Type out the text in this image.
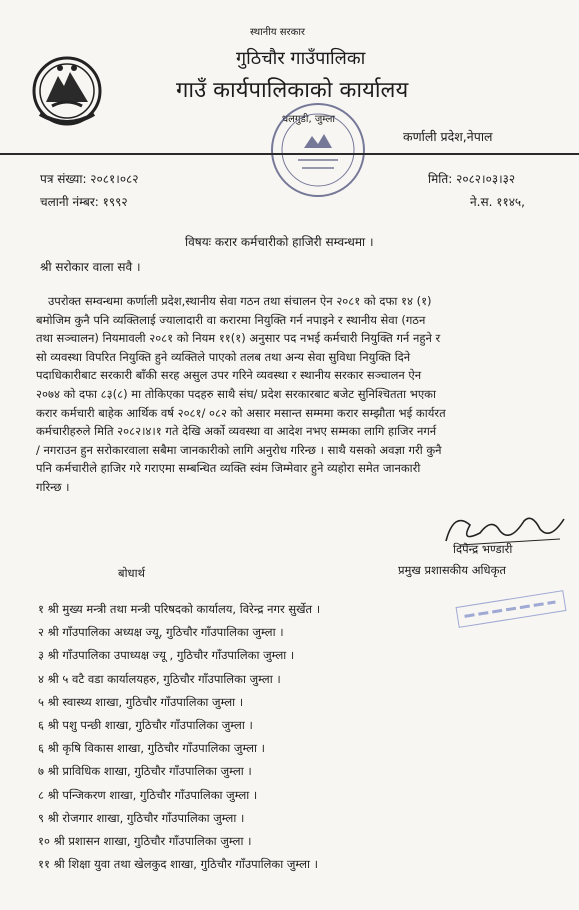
स्थानीय सरकार
गुठिचौर गाउँपालिका
गाउँ कार्यपालिकाको कार्यालय
धलगुडी, जुम्ला
कर्णाली प्रदेश,नेपाल
पत्र संख्या: २०८१।०८२
चलानी नंम्बर: १९९२
मिति: २०८२।०३।३२
ने.स. ११४५,
विषयः करार कर्मचारीको हाजिरी सम्वन्धमा ।
श्री सरोकार वाला सवै ।
उपरोक्त सम्वन्धमा कर्णाली प्रदेश,स्थानीय सेवा गठन तथा संचालन ऐन २०८१ को दफा १४ (१)
बमोजिम कुनै पनि व्यक्तिलाई ज्यालादारी वा करारमा नियुक्ति गर्न नपाइने र स्थानीय सेवा (गठन
तथा सञ्चालन) नियमावली २०८१ को नियम ११(१) अनुसार पद नभई कर्मचारी नियुक्ति गर्न नहुने र
सो व्यवस्था विपरित नियुक्ति हुने व्यक्तिले पाएको तलब तथा अन्य सेवा सुविधा नियुक्ति दिने
पदाधिकारीबाट सरकारी बाँकी सरह असुल उपर गरिने व्यवस्था र स्थानीय सरकार सञ्चालन ऐन
२०७४ को दफा ८३(८) मा तोकिएका पदहरु साथै संघ/ प्रदेश सरकारबाट बजेट सुनिश्चितता भएका
करार कर्मचारी बाहेक आर्थिक वर्ष २०८१/ ०८२ को असार मसान्त सम्ममा करार सम्झौता भई कार्यरत
कर्मचारीहरुले मिति २०८२।४।१ गते देखि अर्को व्यवस्था वा आदेश नभए सम्मका लागि हाजिर नगर्न
/ नगराउन हुन सरोकारवाला सबैमा जानकारीको लागि अनुरोध गरिन्छ । साथै यसको अवज्ञा गरी कुनै
पनि कर्मचारीले हाजिर गरे गराएमा सम्बन्धित व्यक्ति स्वंम जिम्मेवार हुने व्यहोरा समेत जानकारी
गरिन्छ ।
दिपेन्द्र भण्डारी
प्रमुख प्रशासकीय अधिकृत
बोधार्थ
१ श्री मुख्य मन्त्री तथा मन्त्री परिषदको कार्यालय, विरेन्द्र नगर सुर्खेत ।
२ श्री गाँउपालिका अध्यक्ष ज्यू, गुठिचौर गाँउपालिका जुम्ला ।
३ श्री गाँउपालिका उपाध्यक्ष ज्यू , गुठिचौर गाँउपालिका जुम्ला ।
४ श्री ५ वटै वडा कार्यालयहरु, गुठिचौर गाँउपालिका जुम्ला ।
५ श्री स्वास्थ्य शाखा, गुठिचौर गाँउपालिका जुम्ला ।
६ श्री पशु पन्छी शाखा, गुठिचौर गाँउपालिका जुम्ला ।
६ श्री कृषि विकास शाखा, गुठिचौर गाँउपालिका जुम्ला ।
७ श्री प्राविधिक शाखा, गुठिचौर गाँउपालिका जुम्ला ।
८ श्री पन्जिकरण शाखा, गुठिचौर गाँउपालिका जुम्ला ।
९ श्री रोजगार शाखा, गुठिचौर गाँउपालिका जुम्ला ।
१० श्री प्रशासन शाखा, गुठिचौर गाँउपालिका जुम्ला ।
११ श्री शिक्षा युवा तथा खेलकुद शाखा, गुठिचौर गाँउपालिका जुम्ला ।
